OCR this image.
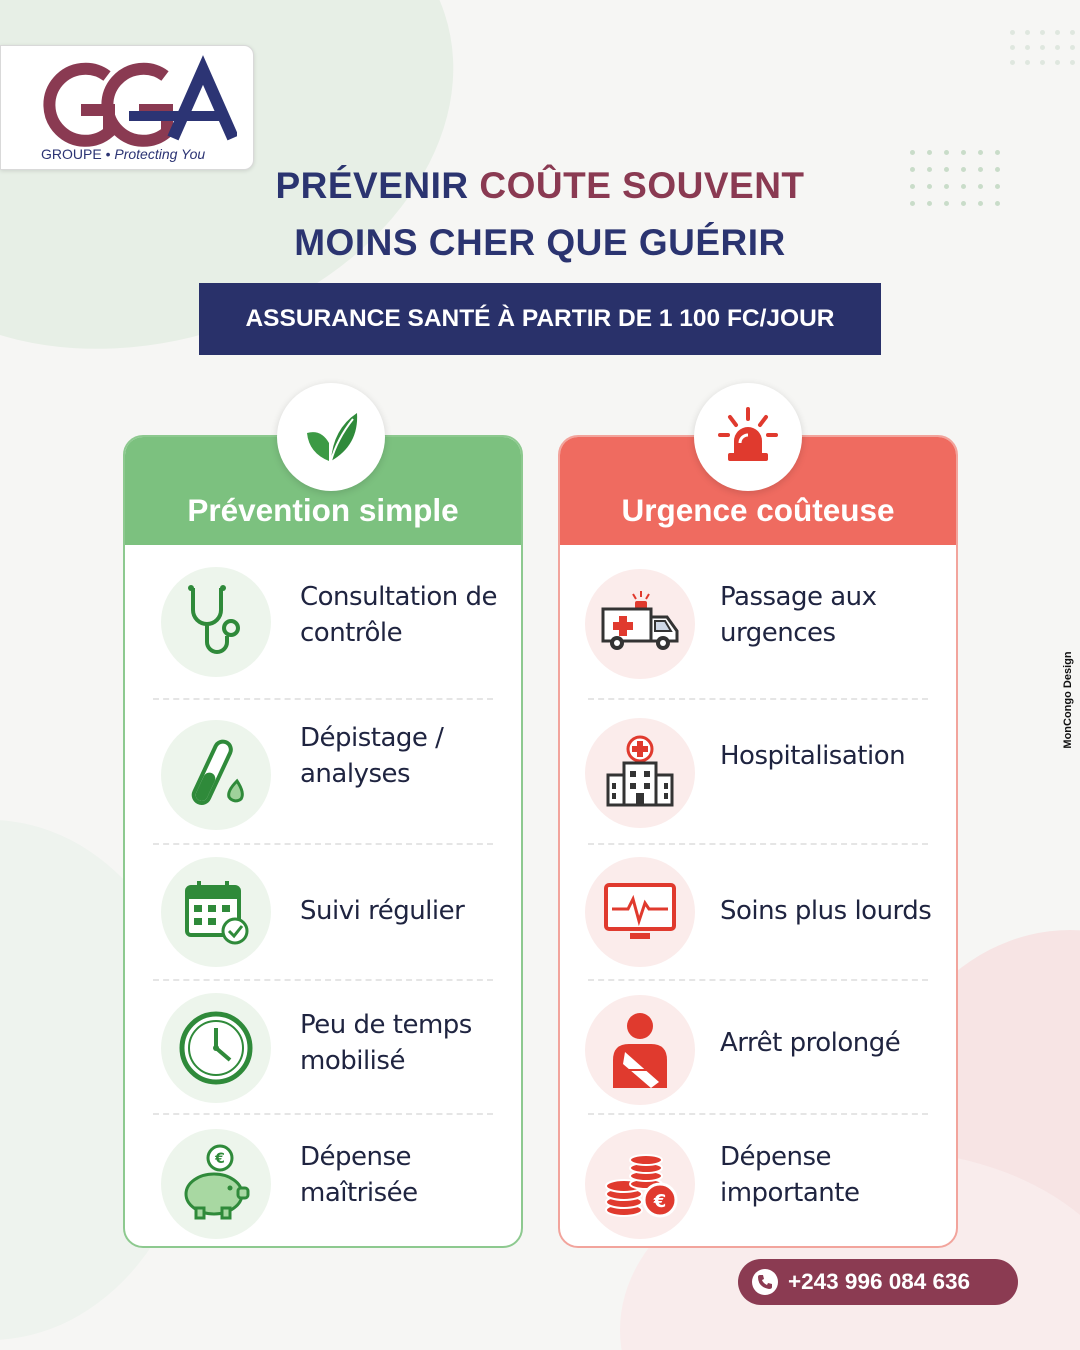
GROUPE • Protecting You
PRÉVENIR COÛTE SOUVENT
MOINS CHER QUE GUÉRIR
ASSURANCE SANTÉ À PARTIR DE 1 100 FC/JOUR
Prévention simple
Consultation de contrôle
Dépistage / analyses
Suivi régulier
Peu de temps mobilisé
€	Dépense maîtrisée
Urgence coûteuse
Passage aux urgences
Hospitalisation
Soins plus lourds
Arrêt prolongé
€
Dépense importante
+243 996 084 636
MonCongo Design
